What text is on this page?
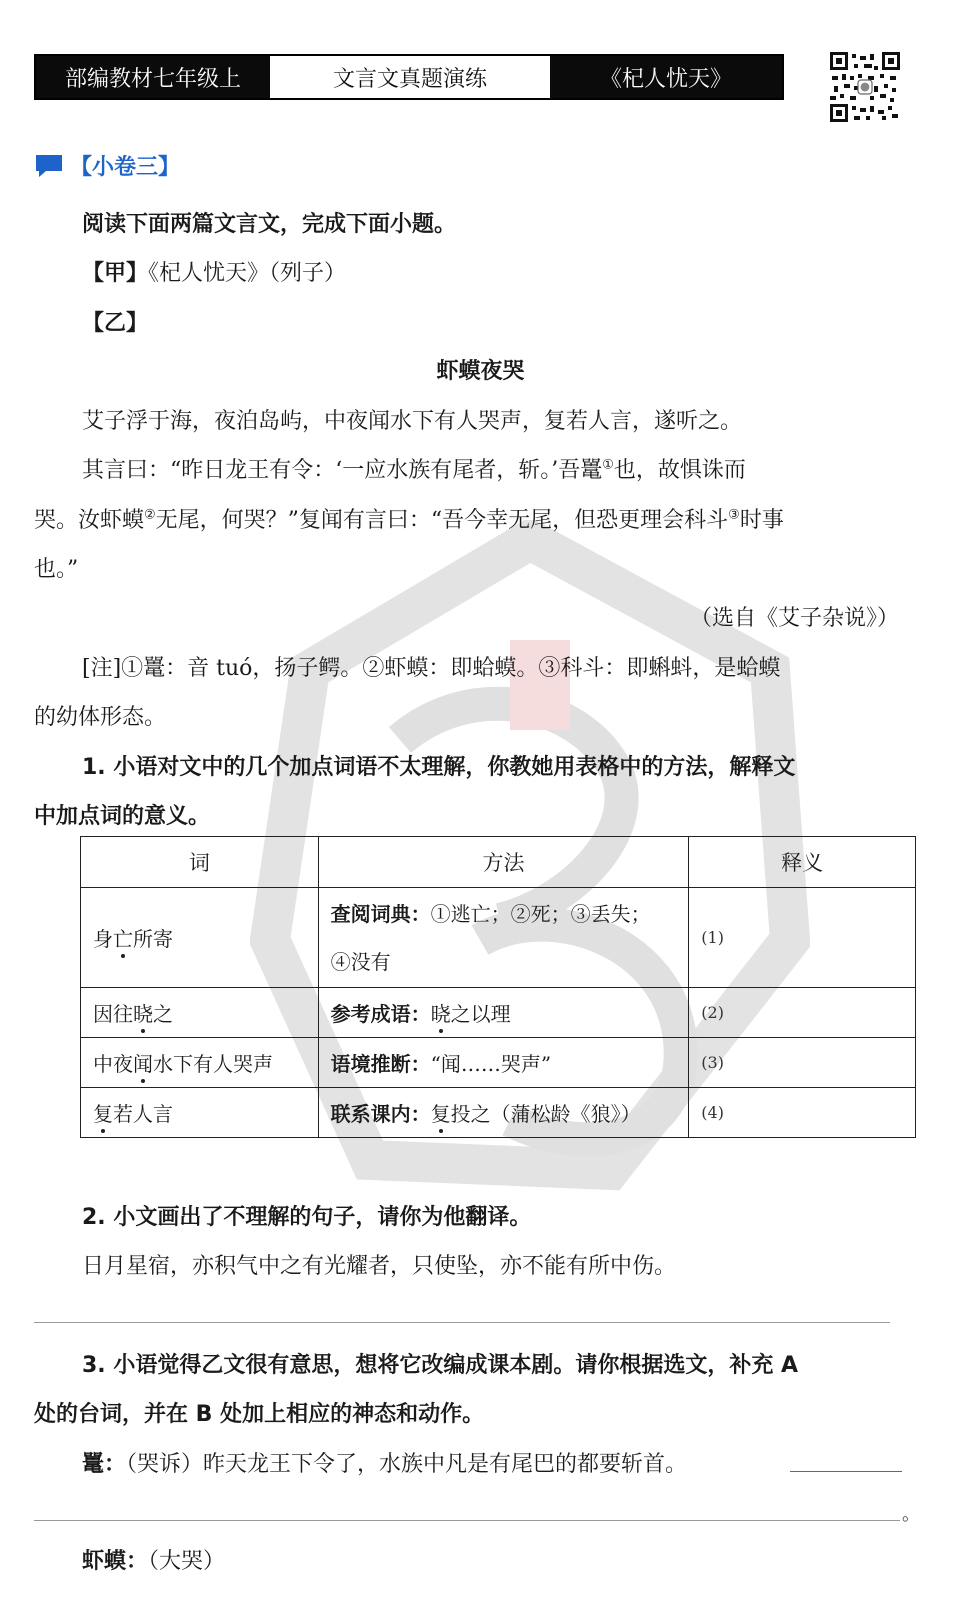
部编教材七年级上	文言文真题演练	《杞人忧天》
【小卷三】
阅读下面两篇文言文，完成下面小题。
【甲】《杞人忧天》（列子）
【乙】
虾蟆夜哭
艾子浮于海，夜泊岛屿，中夜闻水下有人哭声，复若人言，遂听之。
其言曰：“昨日龙王有令：‘一应水族有尾者，斩。’吾鼍①也，故惧诛而
哭。汝虾蟆②无尾，何哭？”复闻有言曰：“吾今幸无尾，但恐更理会科斗③时事
也。”
（选自《艾子杂说》）
[注]①鼍：音 tuó，扬子鳄。②虾蟆：即蛤蟆。③科斗：即蝌蚪，是蛤蟆
的幼体形态。
1. 小语对文中的几个加点词语不太理解，你教她用表格中的方法，解释文
中加点词的意义。
词	方法	释义
身亡所寄	查阅词典：①逃亡；②死；③丢失；
④没有	(1)
因往晓之	参考成语：晓之以理	(2)
中夜闻水下有人哭声	语境推断：“闻……哭声”	(3)
复若人言	联系课内：复投之（蒲松龄《狼》）	(4)
2. 小文画出了不理解的句子，请你为他翻译。
日月星宿，亦积气中之有光耀者，只使坠，亦不能有所中伤。
3. 小语觉得乙文很有意思，想将它改编成课本剧。请你根据选文，补充 A
处的台词，并在 B 处加上相应的神态和动作。
鼍：（哭诉）昨天龙王下令了，水族中凡是有尾巴的都要斩首。
。
虾蟆：（大哭）
